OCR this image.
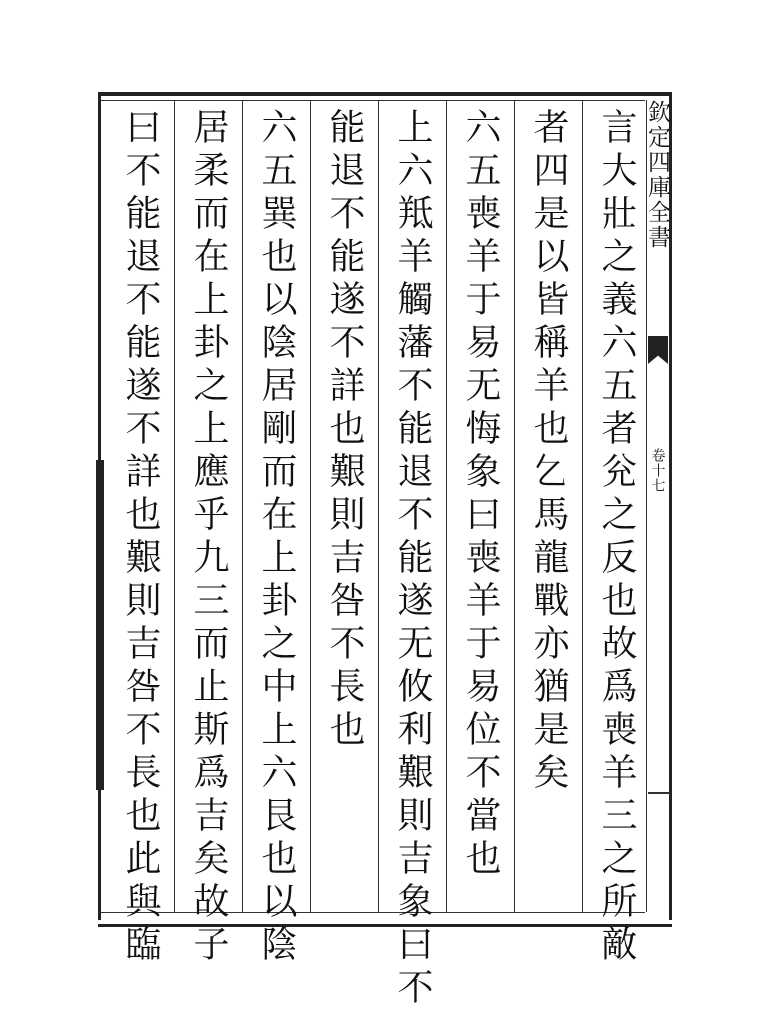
欽定四庫全書
卷十七
言大壯之義六五者兊之反也故爲喪羊三之所敵
者四是以皆稱羊也𠃉馬龍戰亦猶是矣
六五喪羊于易无悔象曰喪羊于易位不當也
上六羝羊觸藩不能退不能遂无攸利艱則吉象曰不
能退不能遂不詳也艱則吉咎不長也
六五巽也以陰居剛而在上卦之中上六艮也以陰
居柔而在上卦之上應乎九三而止斯爲吉矣故子
曰不能退不能遂不詳也艱則吉咎不長也此與臨
